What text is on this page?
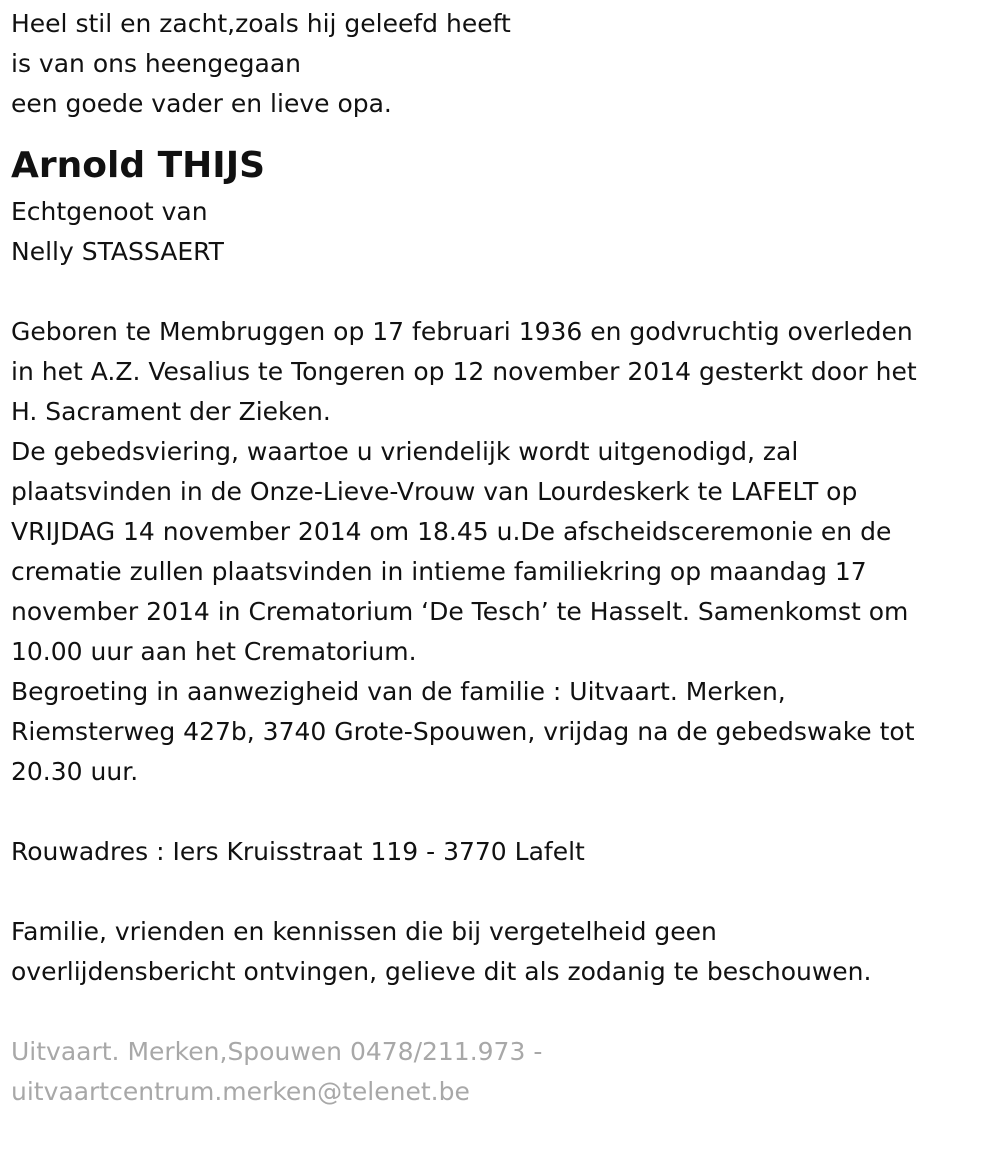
Heel stil en zacht,zoals hij geleefd heeft
is van ons heengegaan
een goede vader en lieve opa.
Arnold THIJS
Echtgenoot van
Nelly STASSAERT
Geboren te Membruggen op 17 februari 1936 en godvruchtig overleden
in het A.Z. Vesalius te Tongeren op 12 november 2014 gesterkt door het
H. Sacrament der Zieken.
De gebedsviering, waartoe u vriendelijk wordt uitgenodigd, zal
plaatsvinden in de Onze-Lieve-Vrouw van Lourdeskerk te LAFELT op
VRIJDAG 14 november 2014 om 18.45 u.De afscheidsceremonie en de
crematie zullen plaatsvinden in intieme familiekring op maandag 17
november 2014 in Crematorium ‘De Tesch’ te Hasselt. Samenkomst om
10.00 uur aan het Crematorium.
Begroeting in aanwezigheid van de familie : Uitvaart. Merken,
Riemsterweg 427b, 3740 Grote-Spouwen, vrijdag na de gebedswake tot
20.30 uur.
Rouwadres : Iers Kruisstraat 119 - 3770 Lafelt
Familie, vrienden en kennissen die bij vergetelheid geen
overlijdensbericht ontvingen, gelieve dit als zodanig te beschouwen.
Uitvaart. Merken,Spouwen 0478/211.973 -
uitvaartcentrum.merken@telenet.be
